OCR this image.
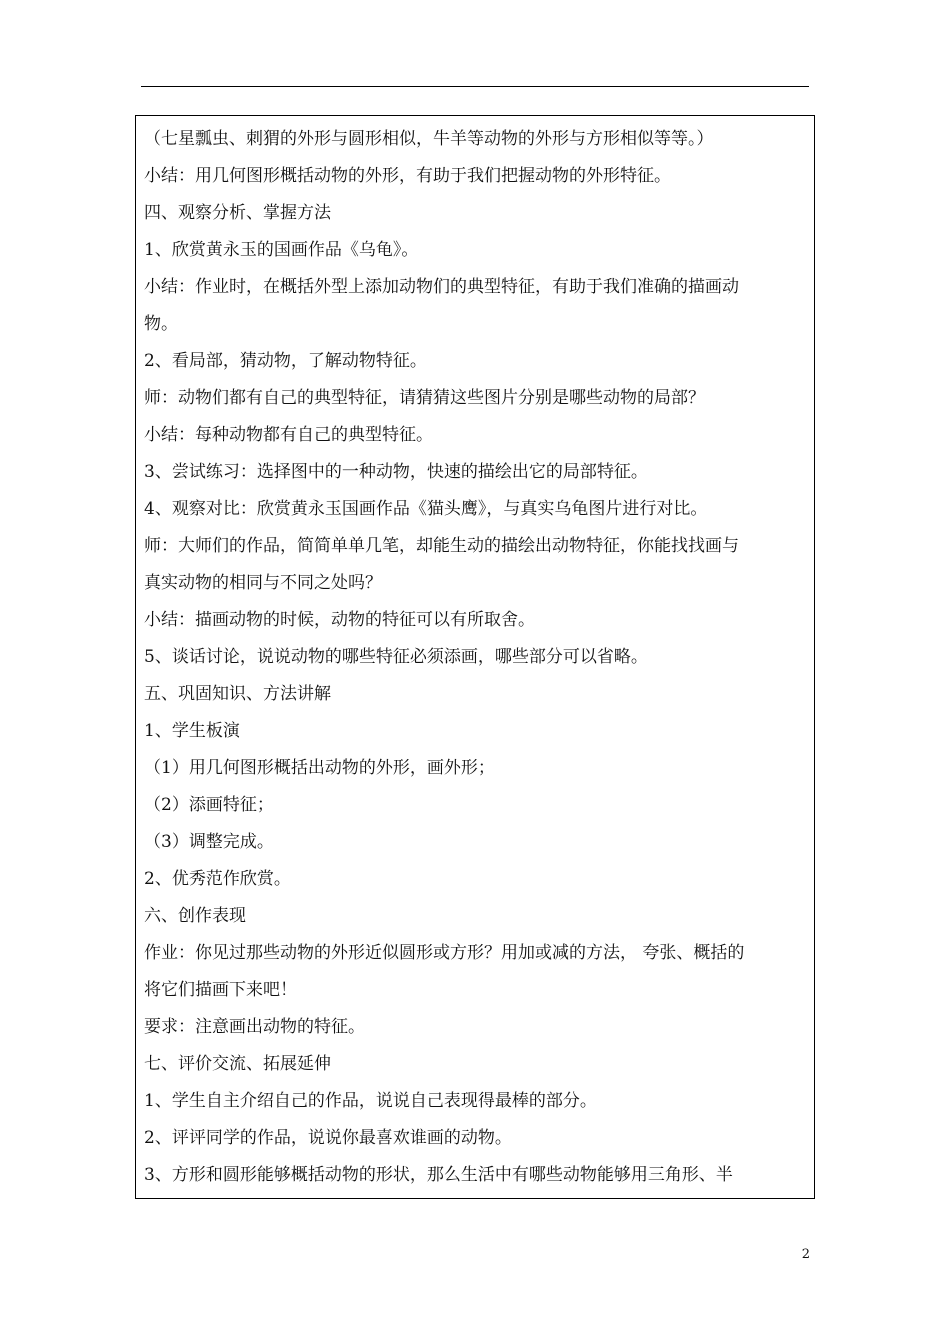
（七星瓢虫、刺猬的外形与圆形相似，牛羊等动物的外形与方形相似等等。）
小结：用几何图形概括动物的外形，有助于我们把握动物的外形特征。
四、观察分析、掌握方法
1、欣赏黄永玉的国画作品《乌龟》。
小结：作业时，在概括外型上添加动物们的典型特征，有助于我们准确的描画动
物。
2、看局部，猜动物，了解动物特征。
师：动物们都有自己的典型特征，请猜猜这些图片分别是哪些动物的局部？
小结：每种动物都有自己的典型特征。
3、尝试练习：选择图中的一种动物，快速的描绘出它的局部特征。
4、观察对比：欣赏黄永玉国画作品《猫头鹰》，与真实乌龟图片进行对比。
师：大师们的作品，简简单单几笔，却能生动的描绘出动物特征，你能找找画与
真实动物的相同与不同之处吗？
小结：描画动物的时候，动物的特征可以有所取舍。
5、谈话讨论，说说动物的哪些特征必须添画，哪些部分可以省略。
五、巩固知识、方法讲解
1、学生板演
（1）用几何图形概括出动物的外形，画外形；
（2）添画特征；
（3）调整完成。
2、优秀范作欣赏。
六、创作表现
作业：你见过那些动物的外形近似圆形或方形？用加或减的方法， 夸张、概括的
将它们描画下来吧！
要求：注意画出动物的特征。
七、评价交流、拓展延伸
1、学生自主介绍自己的作品，说说自己表现得最棒的部分。
2、评评同学的作品，说说你最喜欢谁画的动物。
3、方形和圆形能够概括动物的形状，那么生活中有哪些动物能够用三角形、半
2
